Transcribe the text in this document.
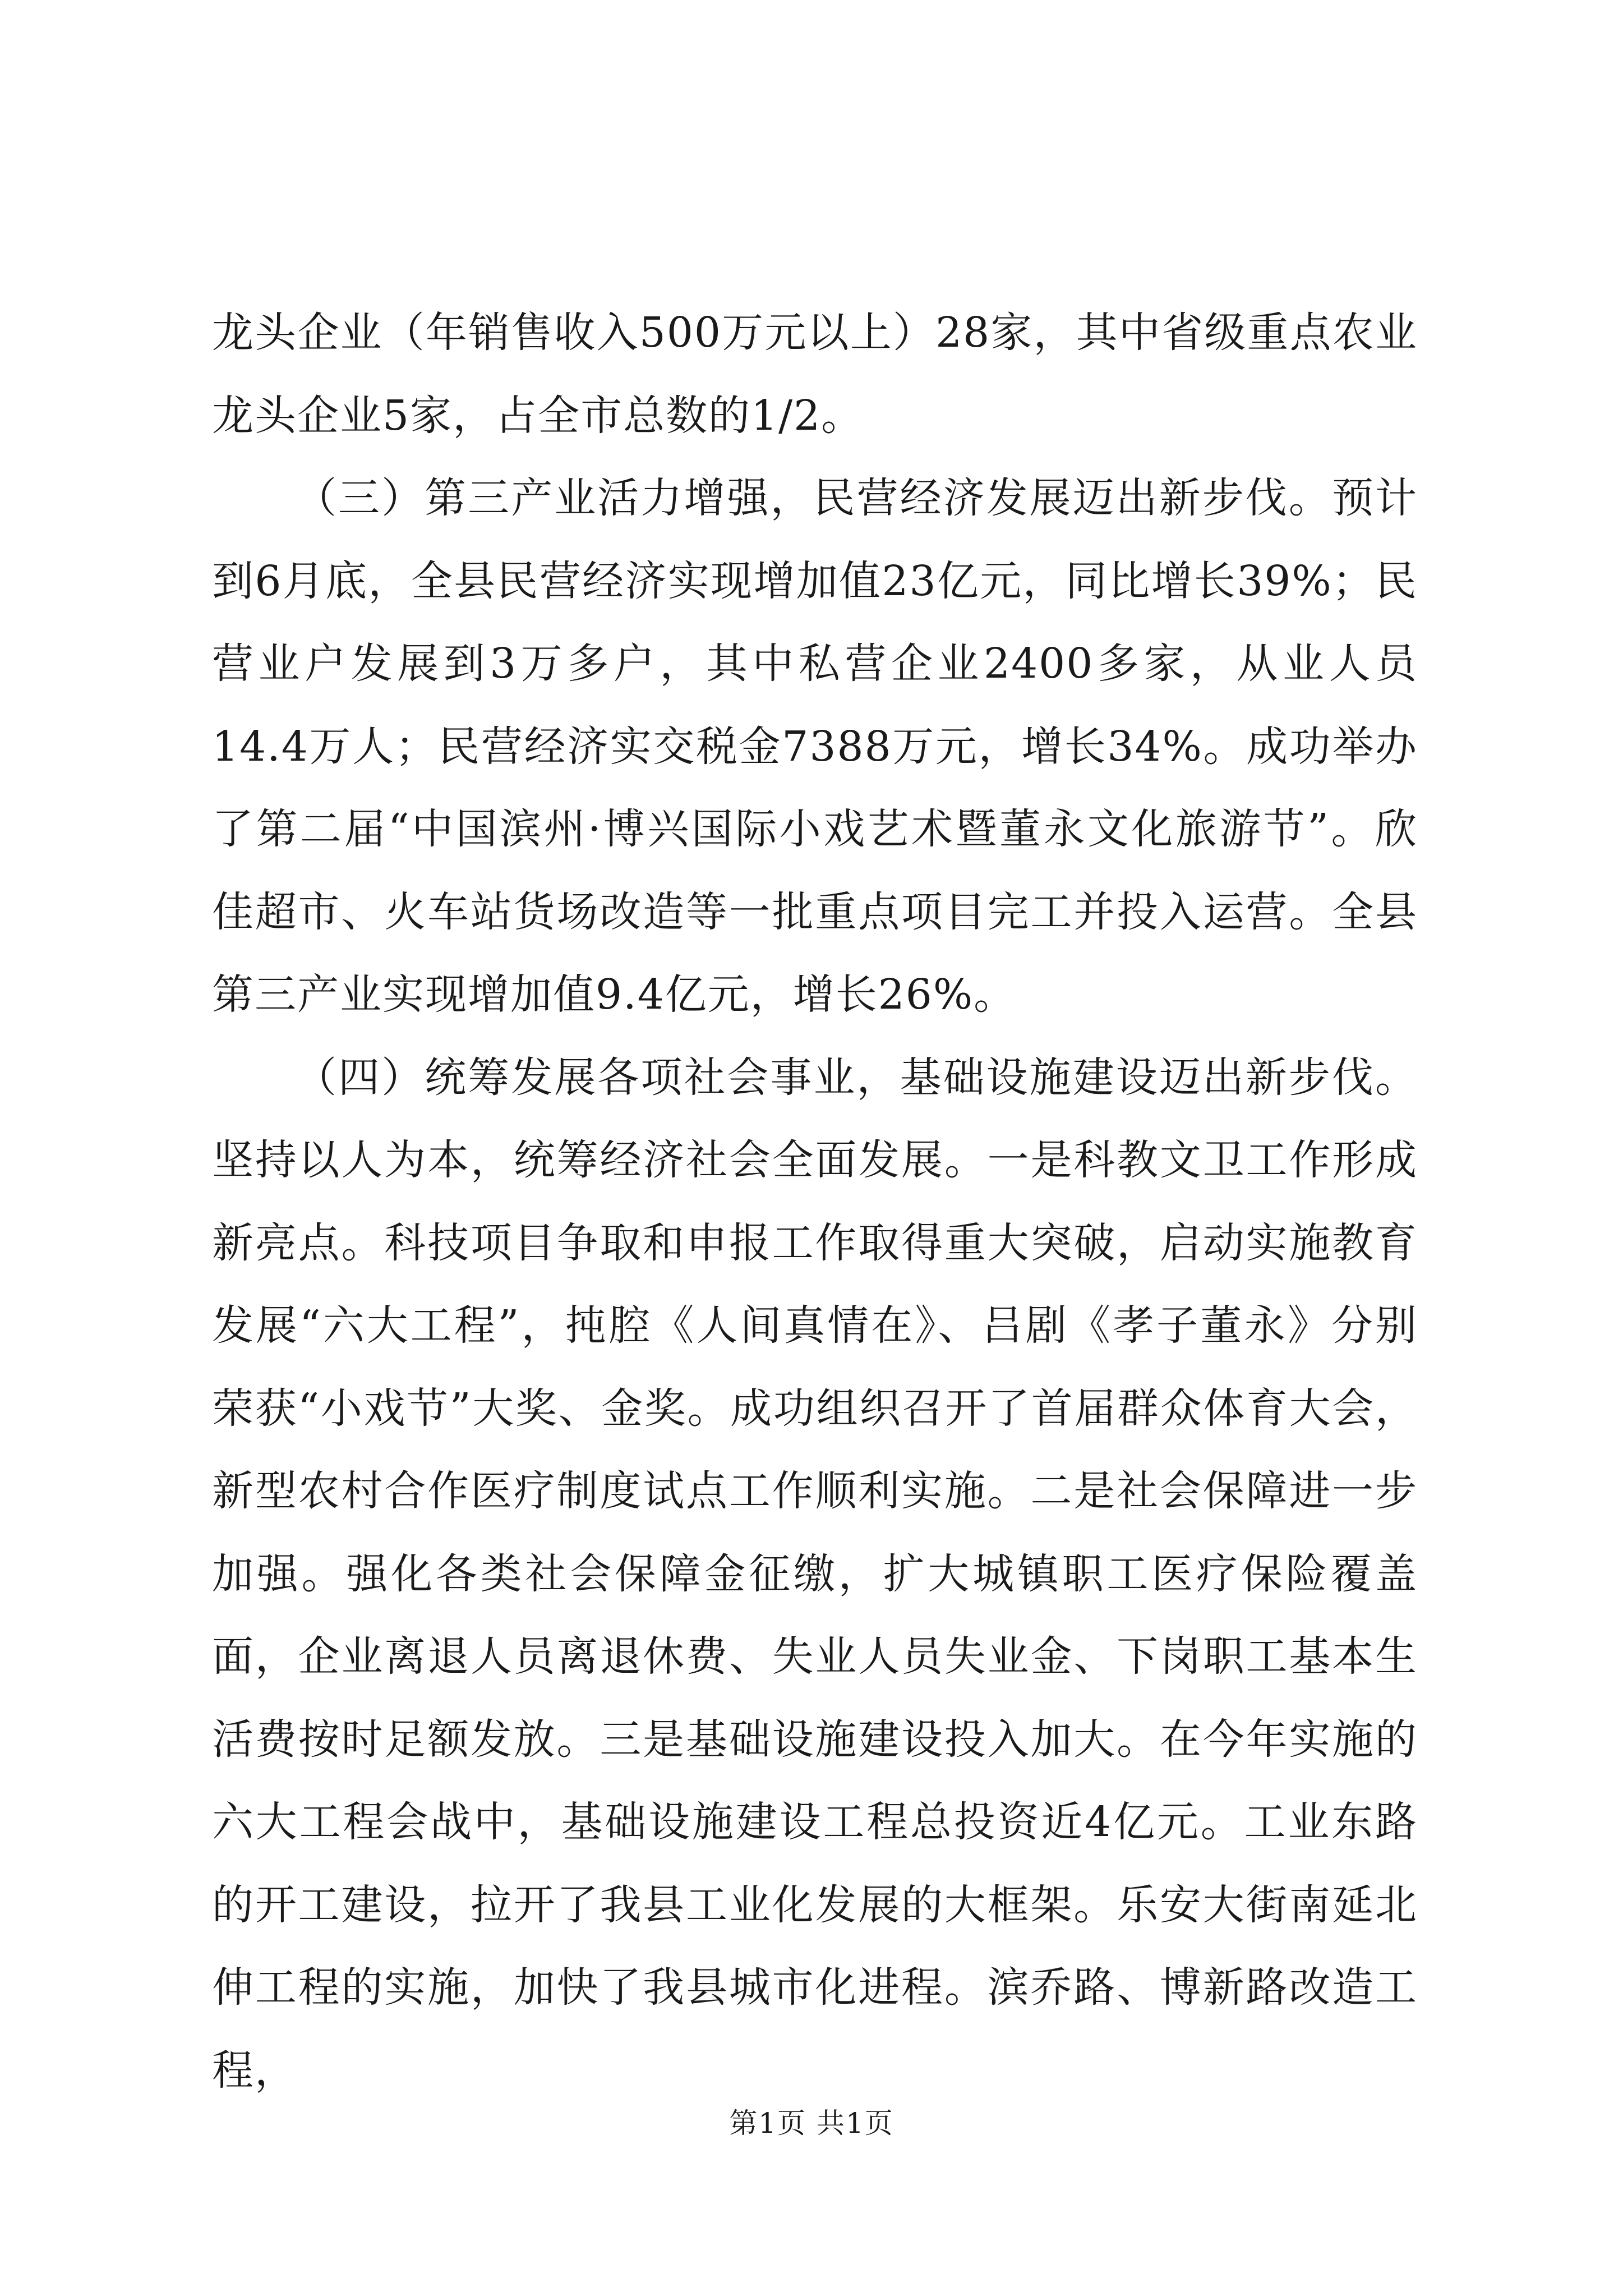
龙头企业（年销售收入500万元以上）28家，其中省级重点农业龙头企业5家，占全市总数的1/2。

（三）第三产业活力增强，民营经济发展迈出新步伐。预计到6月底，全县民营经济实现增加值23亿元，同比增长39%；民营业户发展到3万多户，其中私营企业2400多家，从业人员14.4万人；民营经济实交税金7388万元，增长34%。成功举办了第二届“中国滨州·博兴国际小戏艺术暨董永文化旅游节”。欣佳超市、火车站货场改造等一批重点项目完工并投入运营。全县第三产业实现增加值9.4亿元，增长26%。

（四）统筹发展各项社会事业，基础设施建设迈出新步伐。坚持以人为本，统筹经济社会全面发展。一是科教文卫工作形成新亮点。科技项目争取和申报工作取得重大突破，启动实施教育发展“六大工程”，扽腔《人间真情在》、吕剧《孝子董永》分别荣获“小戏节”大奖、金奖。成功组织召开了首届群众体育大会，新型农村合作医疗制度试点工作顺利实施。二是社会保障进一步加强。强化各类社会保障金征缴，扩大城镇职工医疗保险覆盖面，企业离退人员离退休费、失业人员失业金、下岗职工基本生活费按时足额发放。三是基础设施建设投入加大。在今年实施的六大工程会战中，基础设施建设工程总投资近4亿元。工业东路的开工建设，拉开了我县工业化发展的大框架。乐安大街南延北伸工程的实施，加快了我县城市化进程。滨乔路、博新路改造工程，

第1页 共1页
